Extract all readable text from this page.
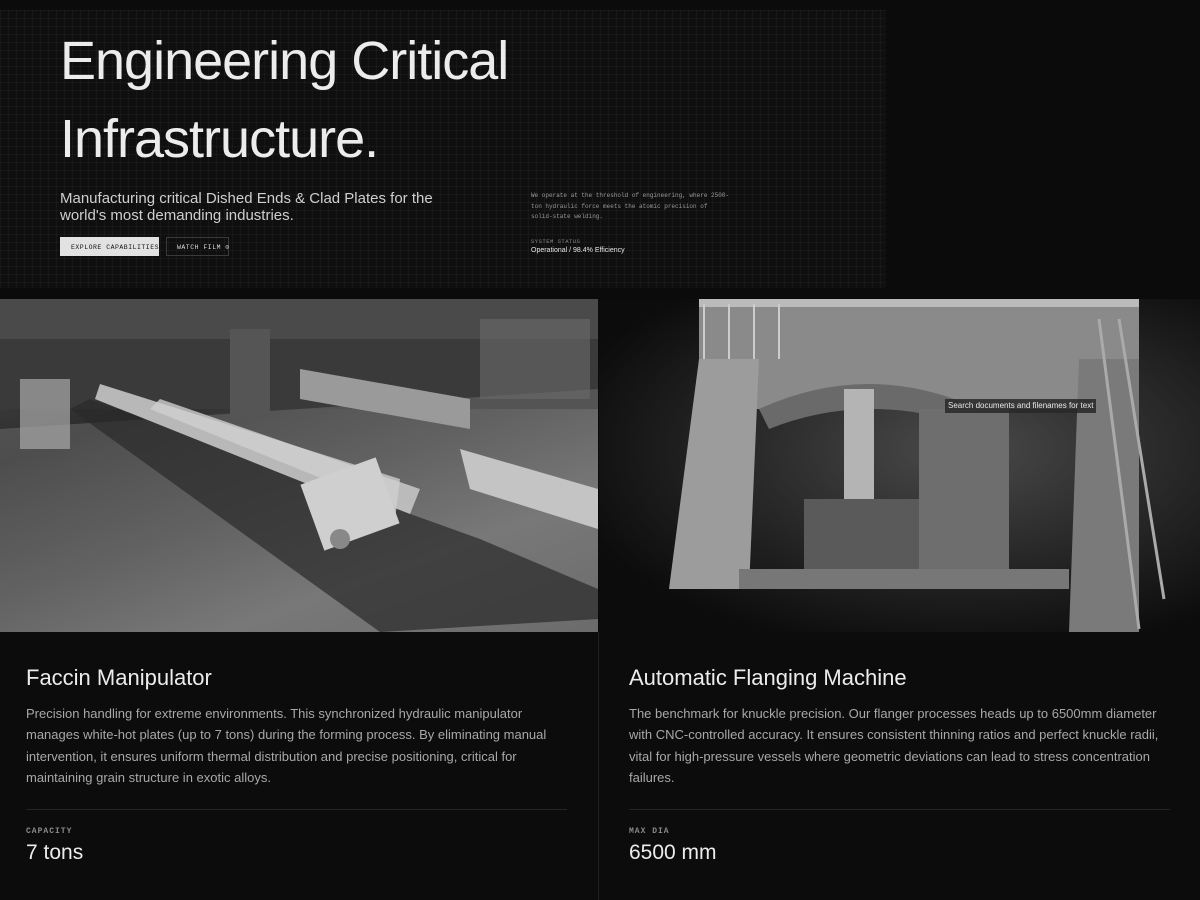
Engineering Critical
Infrastructure.

Manufacturing critical Dished Ends & Clad Plates for the world's most demanding industries.

EXPLORE CAPABILITIES →	WATCH FILM ⊙

We operate at the threshold of engineering, where 2500-ton hydraulic force meets the atomic precision of solid-state welding.

SYSTEM STATUS
Operational / 98.4% Efficiency
Search documents and filenames for text
Faccin Manipulator

Precision handling for extreme environments. This synchronized hydraulic manipulator manages white-hot plates (up to 7 tons) during the forming process. By eliminating manual intervention, it ensures uniform thermal distribution and precise positioning, critical for maintaining grain structure in exotic alloys.

CAPACITY
7 tons
Automatic Flanging Machine

The benchmark for knuckle precision. Our flanger processes heads up to 6500mm diameter with CNC-controlled accuracy. It ensures consistent thinning ratios and perfect knuckle radii, vital for high-pressure vessels where geometric deviations can lead to stress concentration failures.

MAX DIA
6500 mm
